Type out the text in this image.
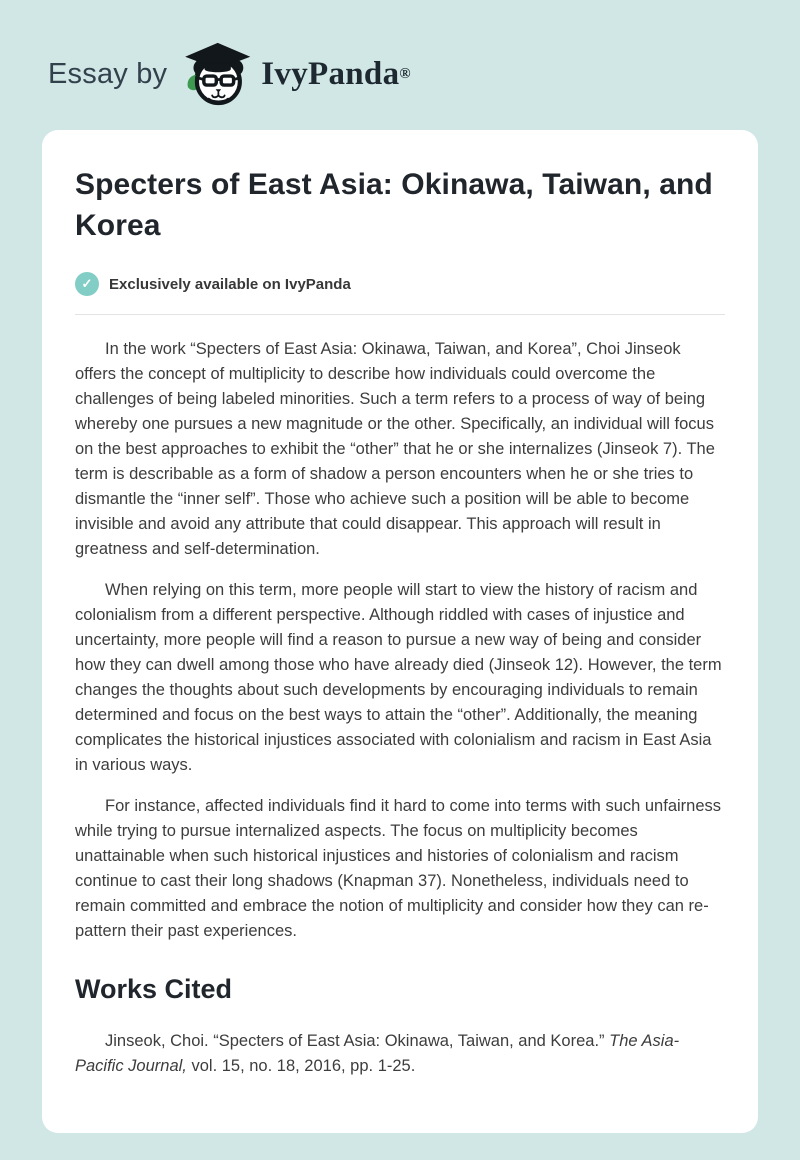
Essay by	IvyPanda ®
Specters of East Asia: Okinawa, Taiwan, and Korea
✓	Exclusively available on IvyPanda

In the work “Specters of East Asia: Okinawa, Taiwan, and Korea”, Choi Jinseok offers the concept of multiplicity to describe how individuals could overcome the challenges of being labeled minorities. Such a term refers to a process of way of being whereby one pursues a new magnitude or the other. Specifically, an individual will focus on the best approaches to exhibit the “other” that he or she internalizes (Jinseok 7). The term is describable as a form of shadow a person encounters when he or she tries to dismantle the “inner self”. Those who achieve such a position will be able to become invisible and avoid any attribute that could disappear. This approach will result in greatness and self-determination.

When relying on this term, more people will start to view the history of racism and colonialism from a different perspective. Although riddled with cases of injustice and uncertainty, more people will find a reason to pursue a new way of being and consider how they can dwell among those who have already died (Jinseok 12). However, the term changes the thoughts about such developments by encouraging individuals to remain determined and focus on the best ways to attain the “other”. Additionally, the meaning complicates the historical injustices associated with colonialism and racism in East Asia in various ways.

For instance, affected individuals find it hard to come into terms with such unfairness while trying to pursue internalized aspects. The focus on multiplicity becomes unattainable when such historical injustices and histories of colonialism and racism continue to cast their long shadows (Knapman 37). Nonetheless, individuals need to remain committed and embrace the notion of multiplicity and consider how they can re-pattern their past experiences.

Works Cited

Jinseok, Choi. “Specters of East Asia: Okinawa, Taiwan, and Korea.” The Asia-Pacific Journal, vol. 15, no. 18, 2016, pp. 1-25.
